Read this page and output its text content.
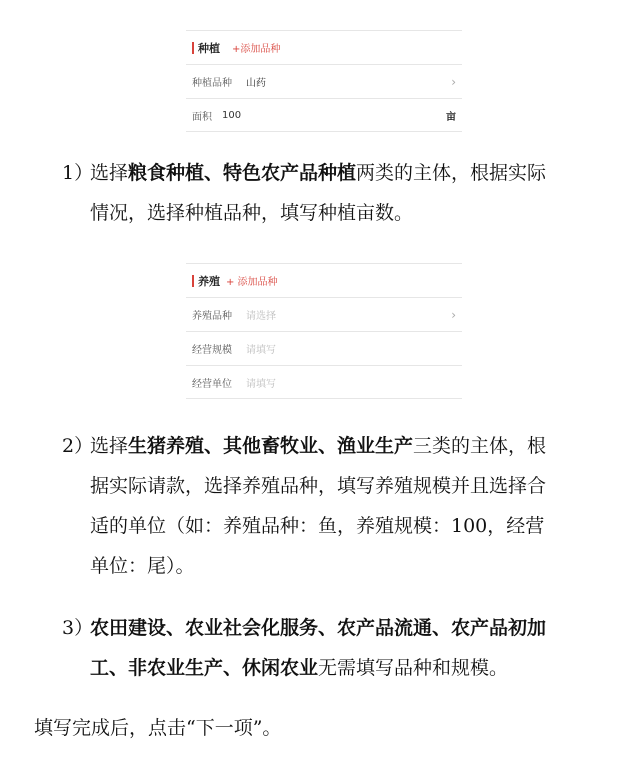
种植 +添加品种
种植品种	山药	›
面积	100	亩
1）选择粮食种植、特色农产品种植两类的主体，根据实际
情况，选择种植品种，填写种植亩数。
养殖 + 添加品种
养殖品种	请选择	›
经营规模	请填写
经营单位	请填写
2）选择生猪养殖、其他畜牧业、渔业生产三类的主体，根
据实际请款，选择养殖品种，填写养殖规模并且选择合
适的单位（如：养殖品种：鱼，养殖规模：100，经营
单位：尾）。
3）农田建设、农业社会化服务、农产品流通、农产品初加
工、非农业生产、休闲农业无需填写品种和规模。
填写完成后，点击“下一项”。
